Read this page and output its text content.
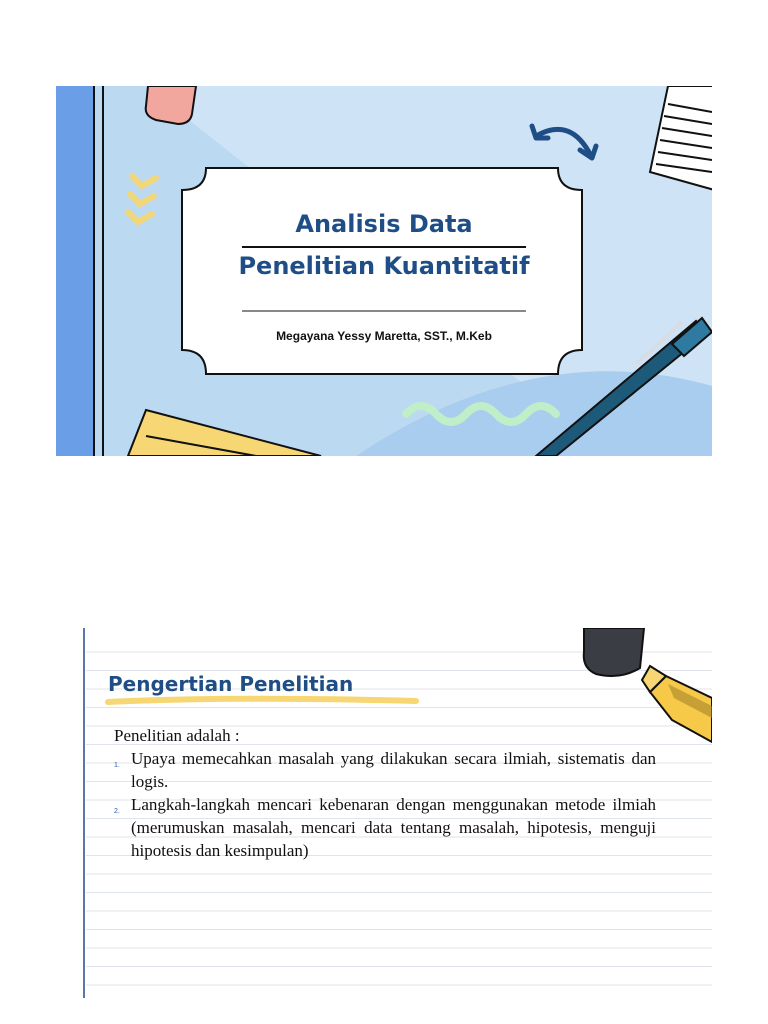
Analisis Data
Penelitian Kuantitatif
Megayana Yessy Maretta, SST., M.Keb
Pengertian Penelitian

Penelitian adalah :

1. Upaya memecahkan masalah yang dilakukan secara ilmiah, sistematis dan logis.
2. Langkah-langkah mencari kebenaran dengan menggunakan metode ilmiah (merumuskan masalah, mencari data tentang masalah, hipotesis, menguji hipotesis dan kesimpulan)
